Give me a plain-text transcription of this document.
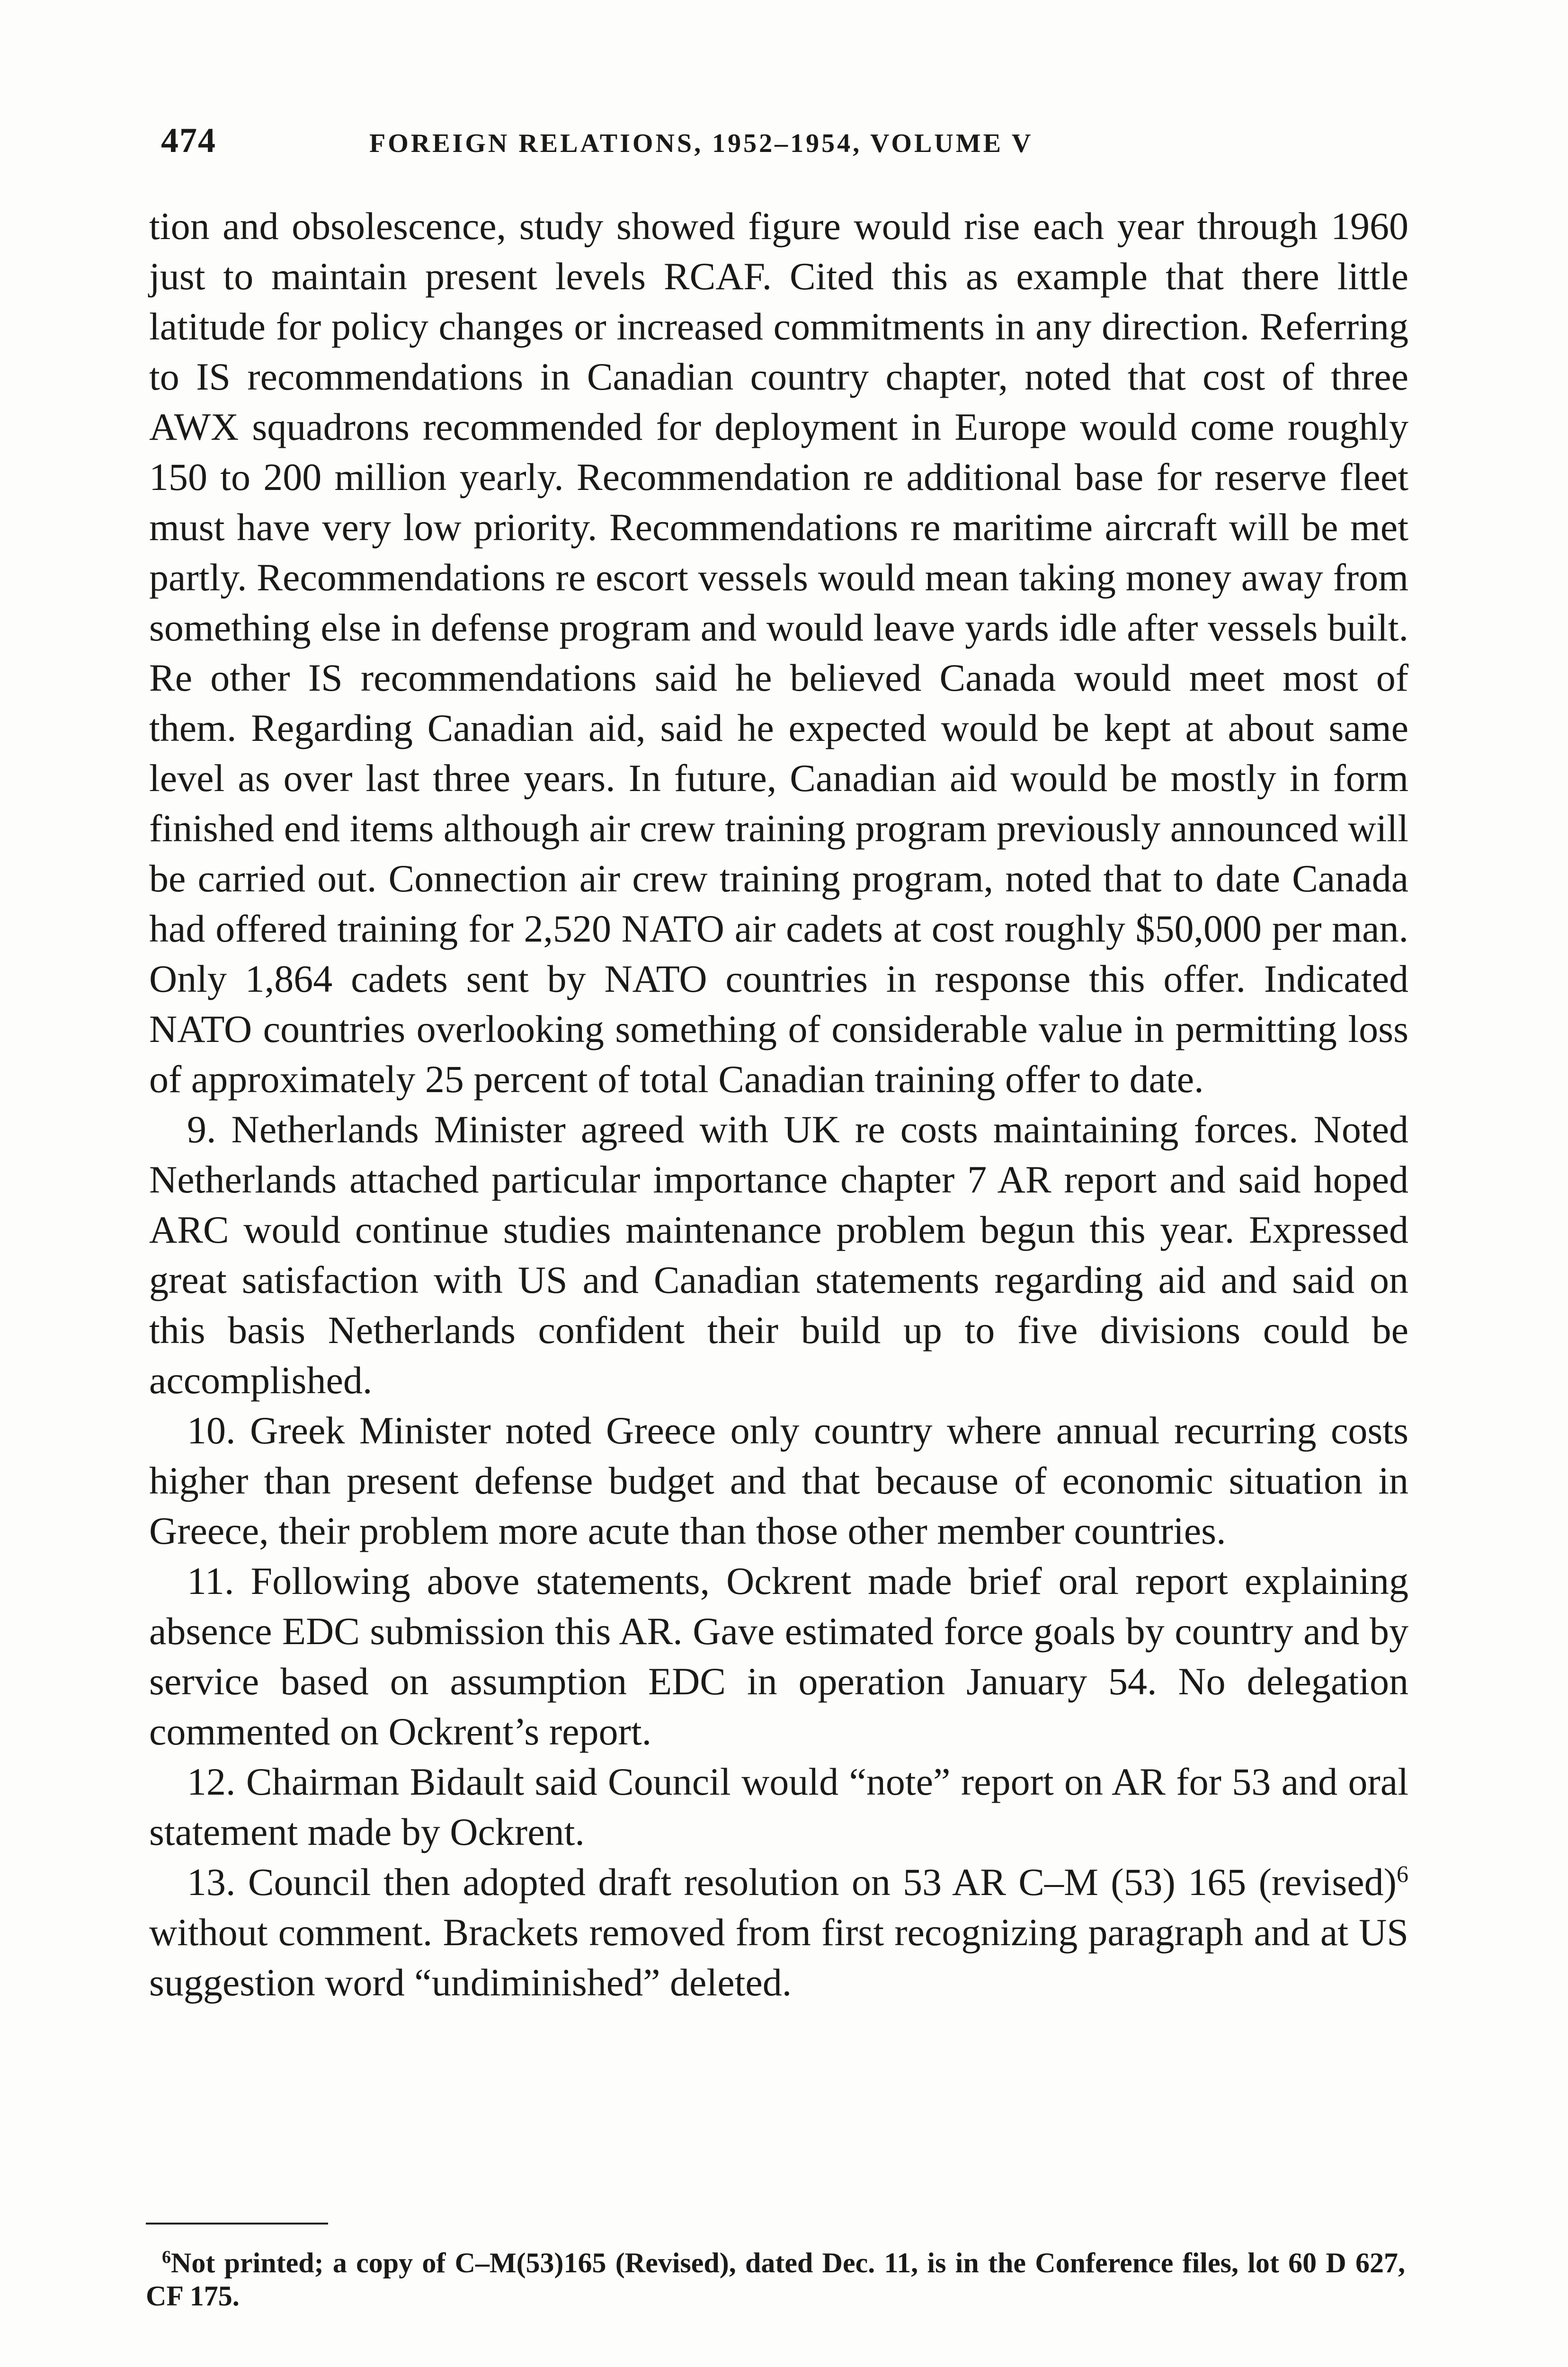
474	FOREIGN RELATIONS, 1952–1954, VOLUME V

tion and obsolescence, study showed figure would rise each year through 1960 just to maintain present levels RCAF. Cited this as example that there little latitude for policy changes or increased commitments in any direction. Referring to IS recommendations in Canadian country chapter, noted that cost of three AWX squadrons recommended for deployment in Europe would come roughly 150 to 200 million yearly. Recommendation re additional base for reserve fleet must have very low priority. Recommendations re maritime aircraft will be met partly. Recommendations re escort vessels would mean taking money away from something else in defense program and would leave yards idle after vessels built. Re other IS recommendations said he believed Canada would meet most of them. Regarding Canadian aid, said he expected would be kept at about same level as over last three years. In future, Canadian aid would be mostly in form finished end items although air crew training program previously announced will be carried out. Connection air crew training program, noted that to date Canada had offered training for 2,520 NATO air cadets at cost roughly $50,000 per man. Only 1,864 cadets sent by NATO countries in response this offer. Indicated NATO countries overlooking something of considerable value in permitting loss of approximately 25 percent of total Canadian training offer to date.

9. Netherlands Minister agreed with UK re costs maintaining forces. Noted Netherlands attached particular importance chapter 7 AR report and said hoped ARC would continue studies maintenance problem begun this year. Expressed great satisfaction with US and Canadian statements regarding aid and said on this basis Netherlands confident their build up to five divisions could be accomplished.

10. Greek Minister noted Greece only country where annual recurring costs higher than present defense budget and that because of economic situation in Greece, their problem more acute than those other member countries.

11. Following above statements, Ockrent made brief oral report explaining absence EDC submission this AR. Gave estimated force goals by country and by service based on assumption EDC in operation January 54. No delegation commented on Ockrent’s report.

12. Chairman Bidault said Council would “note” report on AR for 53 and oral statement made by Ockrent.

13. Council then adopted draft resolution on 53 AR C–M (53) 165 (revised)$^6$ without comment. Brackets removed from first recognizing paragraph and at US suggestion word “undiminished” deleted.

$^6$Not printed; a copy of C–M(53)165 (Revised), dated Dec. 11, is in the Conference files, lot 60 D 627, CF 175.
